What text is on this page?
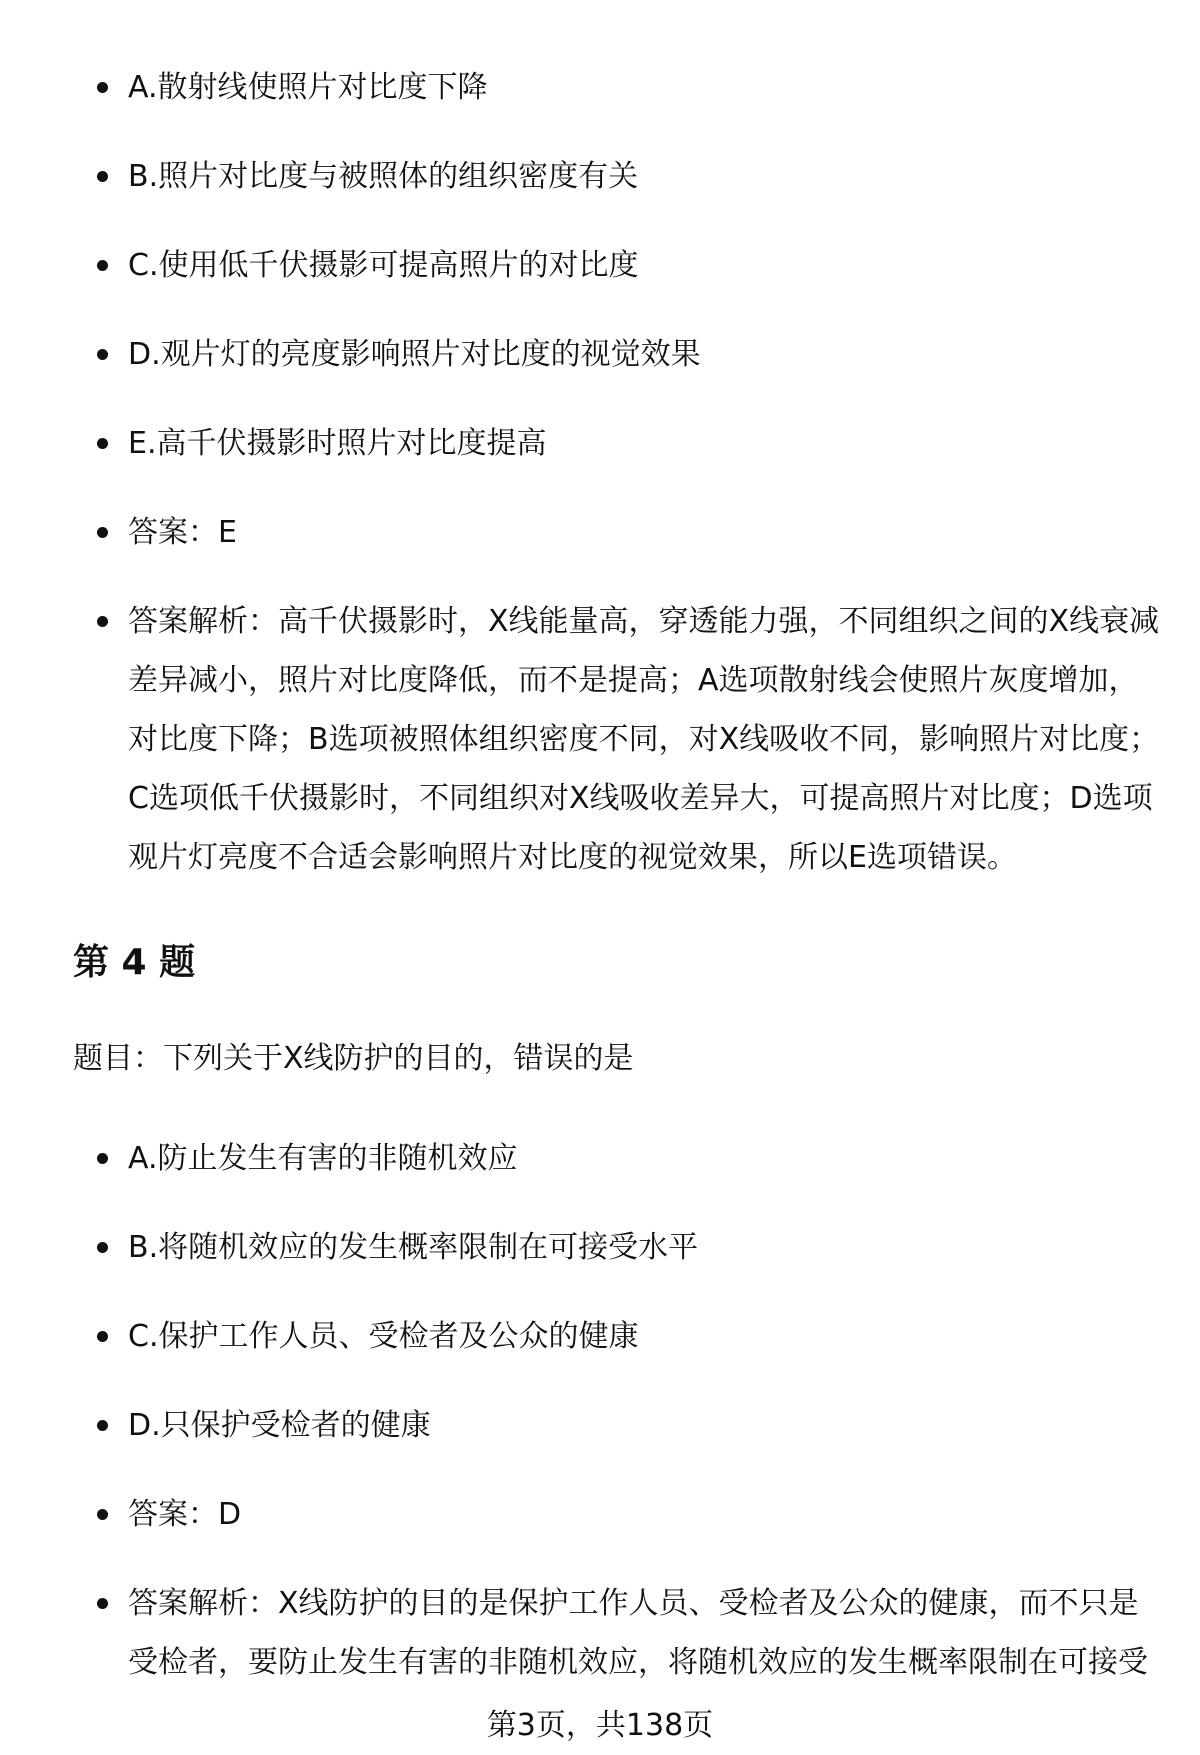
A.散射线使照片对比度下降
B.照片对比度与被照体的组织密度有关
C.使用低千伏摄影可提高照片的对比度
D.观片灯的亮度影响照片对比度的视觉效果
E.高千伏摄影时照片对比度提高
答案：E
答案解析：高千伏摄影时，X线能量高，穿透能力强，不同组织之间的X线衰减差异减小，照片对比度降低，而不是提高；A选项散射线会使照片灰度增加，对比度下降；B选项被照体组织密度不同，对X线吸收不同，影响照片对比度；C选项低千伏摄影时，不同组织对X线吸收差异大，可提高照片对比度；D选项观片灯亮度不合适会影响照片对比度的视觉效果，所以E选项错误。
第 4 题
题目：下列关于X线防护的目的，错误的是
A.防止发生有害的非随机效应
B.将随机效应的发生概率限制在可接受水平
C.保护工作人员、受检者及公众的健康
D.只保护受检者的健康
答案：D
答案解析：X线防护的目的是保护工作人员、受检者及公众的健康，而不只是受检者，要防止发生有害的非随机效应，将随机效应的发生概率限制在可接受
第3页，共138页
